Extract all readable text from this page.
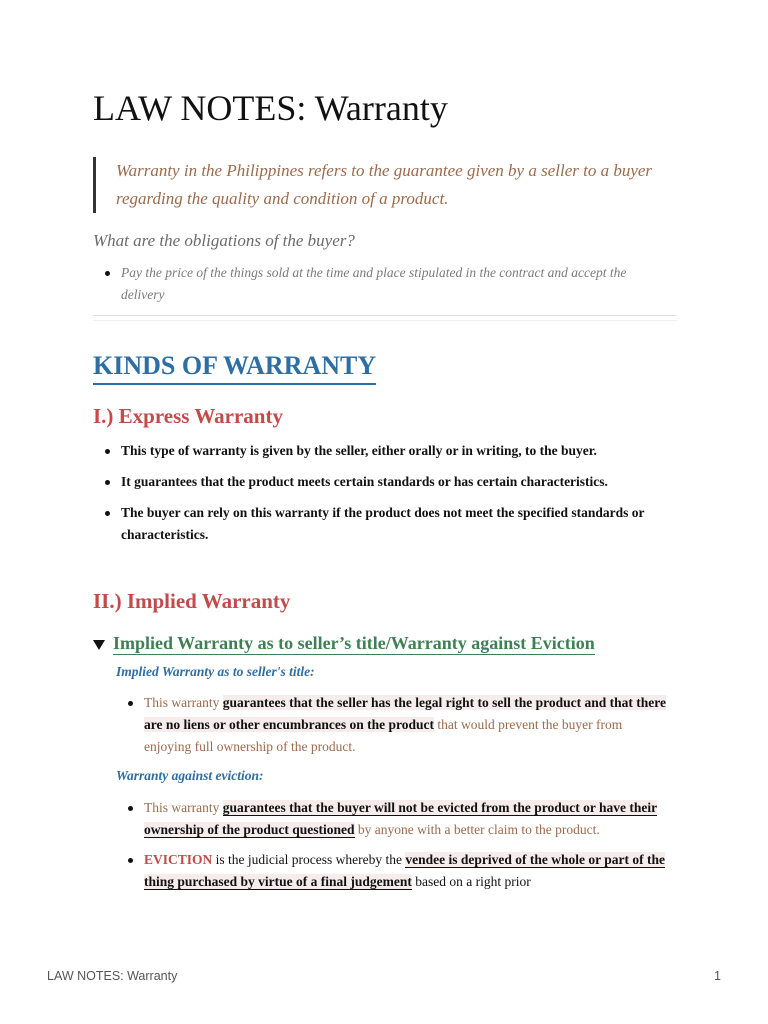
LAW NOTES: Warranty

Warranty in the Philippines refers to the guarantee given by a seller to a buyer regarding the quality and condition of a product.

What are the obligations of the buyer?
Pay the price of the things sold at the time and place stipulated in the contract and accept the delivery
KINDS OF WARRANTY
I.) Express Warranty
This type of warranty is given by the seller, either orally or in writing, to the buyer.
It guarantees that the product meets certain standards or has certain characteristics.
The buyer can rely on this warranty if the product does not meet the specified standards or characteristics.
II.) Implied Warranty
Implied Warranty as to seller’s title/Warranty against Eviction

Implied Warranty as to seller's title:

This warranty guarantees that the seller has the legal right to sell the product and that there are no liens or other encumbrances on the product that would prevent the buyer from enjoying full ownership of the product.

Warranty against eviction:

This warranty guarantees that the buyer will not be evicted from the product or have their ownership of the product questioned by anyone with a better claim to the product.
EVICTION is the judicial process whereby the vendee is deprived of the whole or part of the thing purchased by virtue of a final judgement based on a right prior
LAW NOTES: Warranty	1
